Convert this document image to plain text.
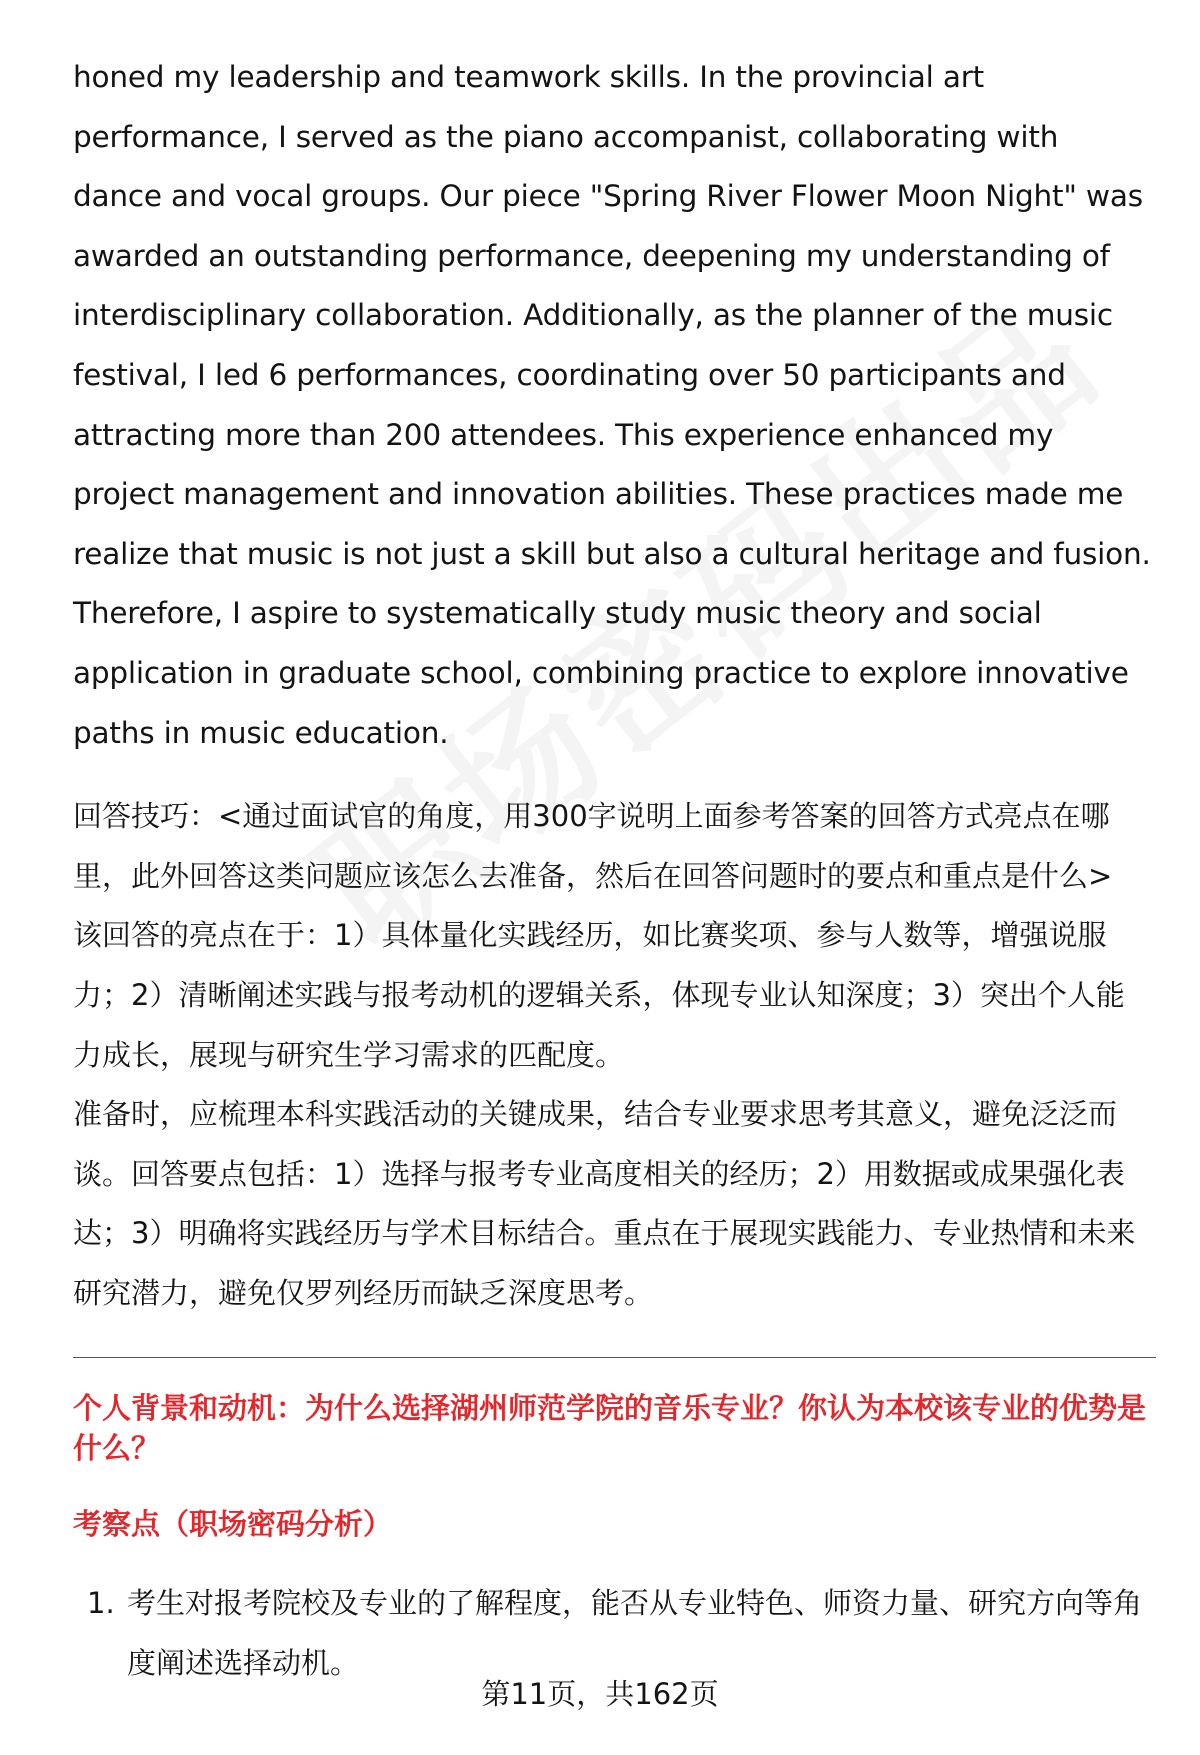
honed my leadership and teamwork skills. In the provincial art performance, I served as the piano accompanist, collaborating with dance and vocal groups. Our piece "Spring River Flower Moon Night" was awarded an outstanding performance, deepening my understanding of interdisciplinary collaboration. Additionally, as the planner of the music festival, I led 6 performances, coordinating over 50 participants and attracting more than 200 attendees. This experience enhanced my project management and innovation abilities. These practices made me realize that music is not just a skill but also a cultural heritage and fusion. Therefore, I aspire to systematically study music theory and social application in graduate school, combining practice to explore innovative paths in music education.

回答技巧：<通过面试官的角度，用300字说明上面参考答案的回答方式亮点在哪里，此外回答这类问题应该怎么去准备，然后在回答问题时的要点和重点是什么>

该回答的亮点在于：1）具体量化实践经历，如比赛奖项、参与人数等，增强说服力；2）清晰阐述实践与报考动机的逻辑关系，体现专业认知深度；3）突出个人能力成长，展现与研究生学习需求的匹配度。

准备时，应梳理本科实践活动的关键成果，结合专业要求思考其意义，避免泛泛而谈。回答要点包括：1）选择与报考专业高度相关的经历；2）用数据或成果强化表达；3）明确将实践经历与学术目标结合。重点在于展现实践能力、专业热情和未来研究潜力，避免仅罗列经历而缺乏深度思考。

个人背景和动机：为什么选择湖州师范学院的音乐专业？你认为本校该专业的优势是什么？

考察点（职场密码分析）

1. 考生对报考院校及专业的了解程度，能否从专业特色、师资力量、研究方向等角度阐述选择动机。
第11页，共162页
